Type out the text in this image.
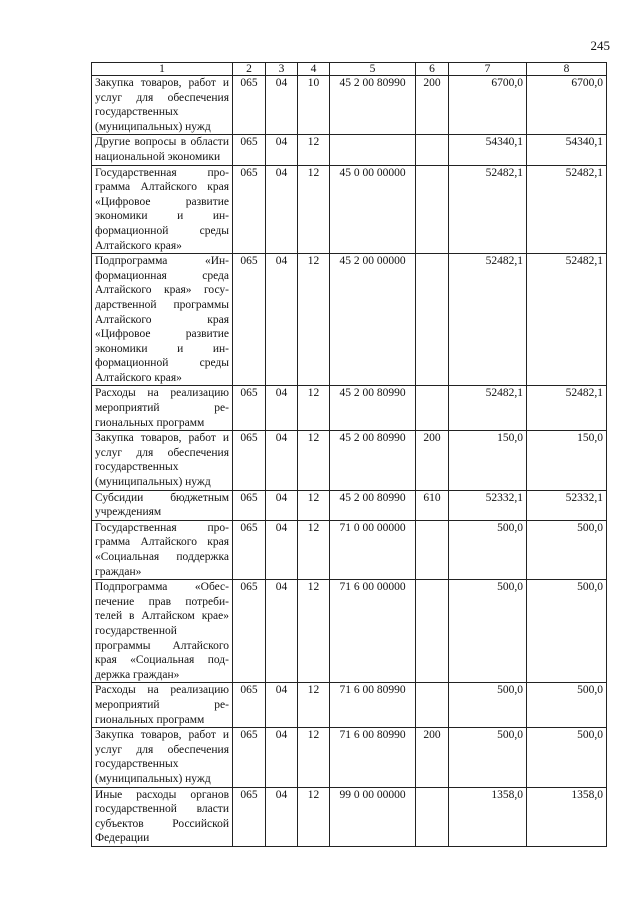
245
1	2	3	4	5	6	7	8
Закупка товаров, работ и услуг для обеспечения государственных (муниципальных) нужд	065	04	10	45 2 00 80990	200	6700,0	6700,0
Другие вопросы в области национальной экономики	065	04	12			54340,1	54340,1
Государственная программа Алтайского края «Цифровое развитие экономики и информационной среды Алтайского края»	065	04	12	45 0 00 00000		52482,1	52482,1
Подпрограмма «Информационная среда Алтайского края» государственной программы Алтайского края «Цифровое развитие экономики и информационной среды Алтайского края»	065	04	12	45 2 00 00000		52482,1	52482,1
Расходы на реализацию мероприятий региональных программ	065	04	12	45 2 00 80990		52482,1	52482,1
Закупка товаров, работ и услуг для обеспечения государственных (муниципальных) нужд	065	04	12	45 2 00 80990	200	150,0	150,0
Субсидии бюджетным учреждениям	065	04	12	45 2 00 80990	610	52332,1	52332,1
Государственная программа Алтайского края «Социальная поддержка граждан»	065	04	12	71 0 00 00000		500,0	500,0
Подпрограмма «Обеспечение прав потребителей в Алтайском крае» государственной программы Алтайского края «Социальная поддержка граждан»	065	04	12	71 6 00 00000		500,0	500,0
Расходы на реализацию мероприятий региональных программ	065	04	12	71 6 00 80990		500,0	500,0
Закупка товаров, работ и услуг для обеспечения государственных (муниципальных) нужд	065	04	12	71 6 00 80990	200	500,0	500,0
Иные расходы органов государственной власти субъектов Российской Федерации	065	04	12	99 0 00 00000		1358,0	1358,0
